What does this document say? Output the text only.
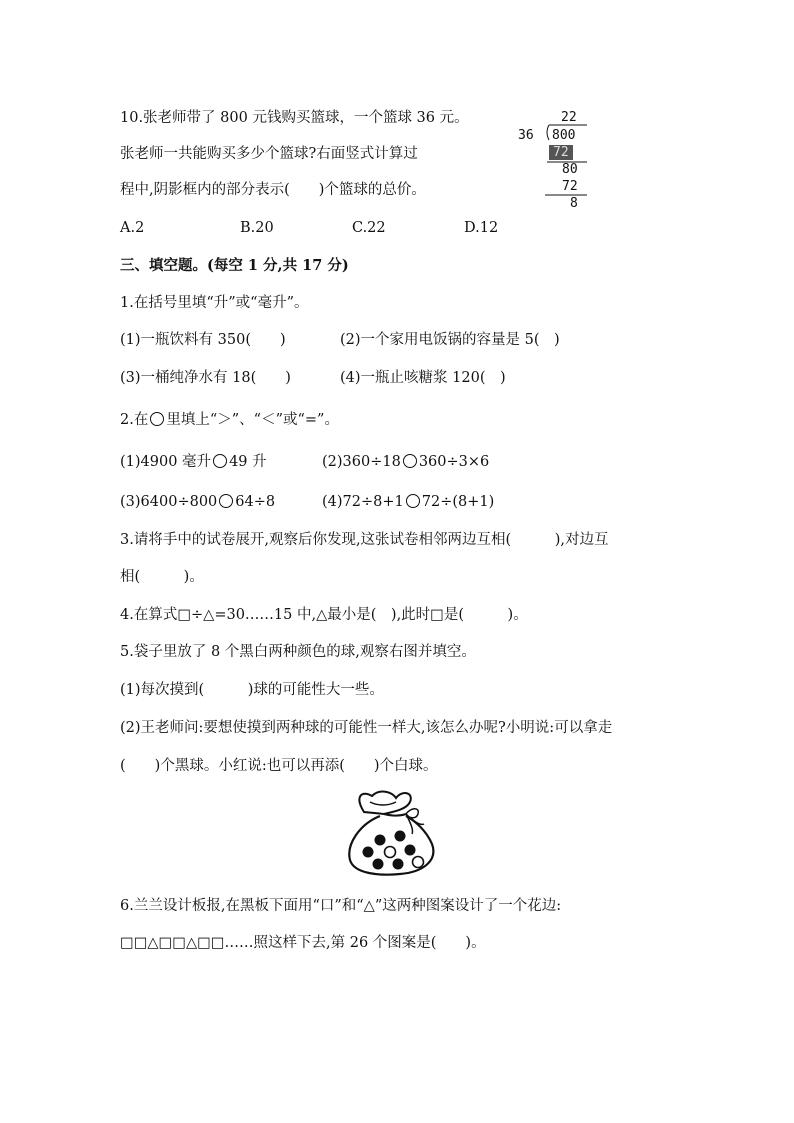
10.张老师带了 800 元钱购买篮球，一个篮球 36 元。
张老师一共能购买多少个篮球?右面竖式计算过
程中,阴影框内的部分表示(　　)个篮球的总价。
A.2	B.20	C.22	D.12
22
36 800
72
80
72
8
三、填空题。(每空 1 分,共 17 分)
1.在括号里填“升”或“毫升”。
(1)一瓶饮料有 350(　　)	(2)一个家用电饭锅的容量是 5(　)
(3)一桶纯净水有 18(　　)	(4)一瓶止咳糖浆 120(　)
2.在 里填上“＞”、“＜”或“=”。
(1)4900 毫升 49 升	(2)360÷18 360÷3×6
(3)6400÷800 64÷8	(4)72÷8+1 72÷(8+1)
3.请将手中的试卷展开,观察后你发现,这张试卷相邻两边互相(　　　),对边互
相(　　　)。
4.在算式□÷△=30……15 中,△最小是(　),此时□是(　　　)。
5.袋子里放了 8 个黑白两种颜色的球,观察右图并填空。
(1)每次摸到(　　　)球的可能性大一些。
(2)王老师问:要想使摸到两种球的可能性一样大,该怎么办呢?小明说:可以拿走
(　　)个黑球。小红说:也可以再添(　　)个白球。
6.兰兰设计板报,在黑板下面用“口”和“△”这两种图案设计了一个花边:
□□△□□△□□……照这样下去,第 26 个图案是(　　)。
